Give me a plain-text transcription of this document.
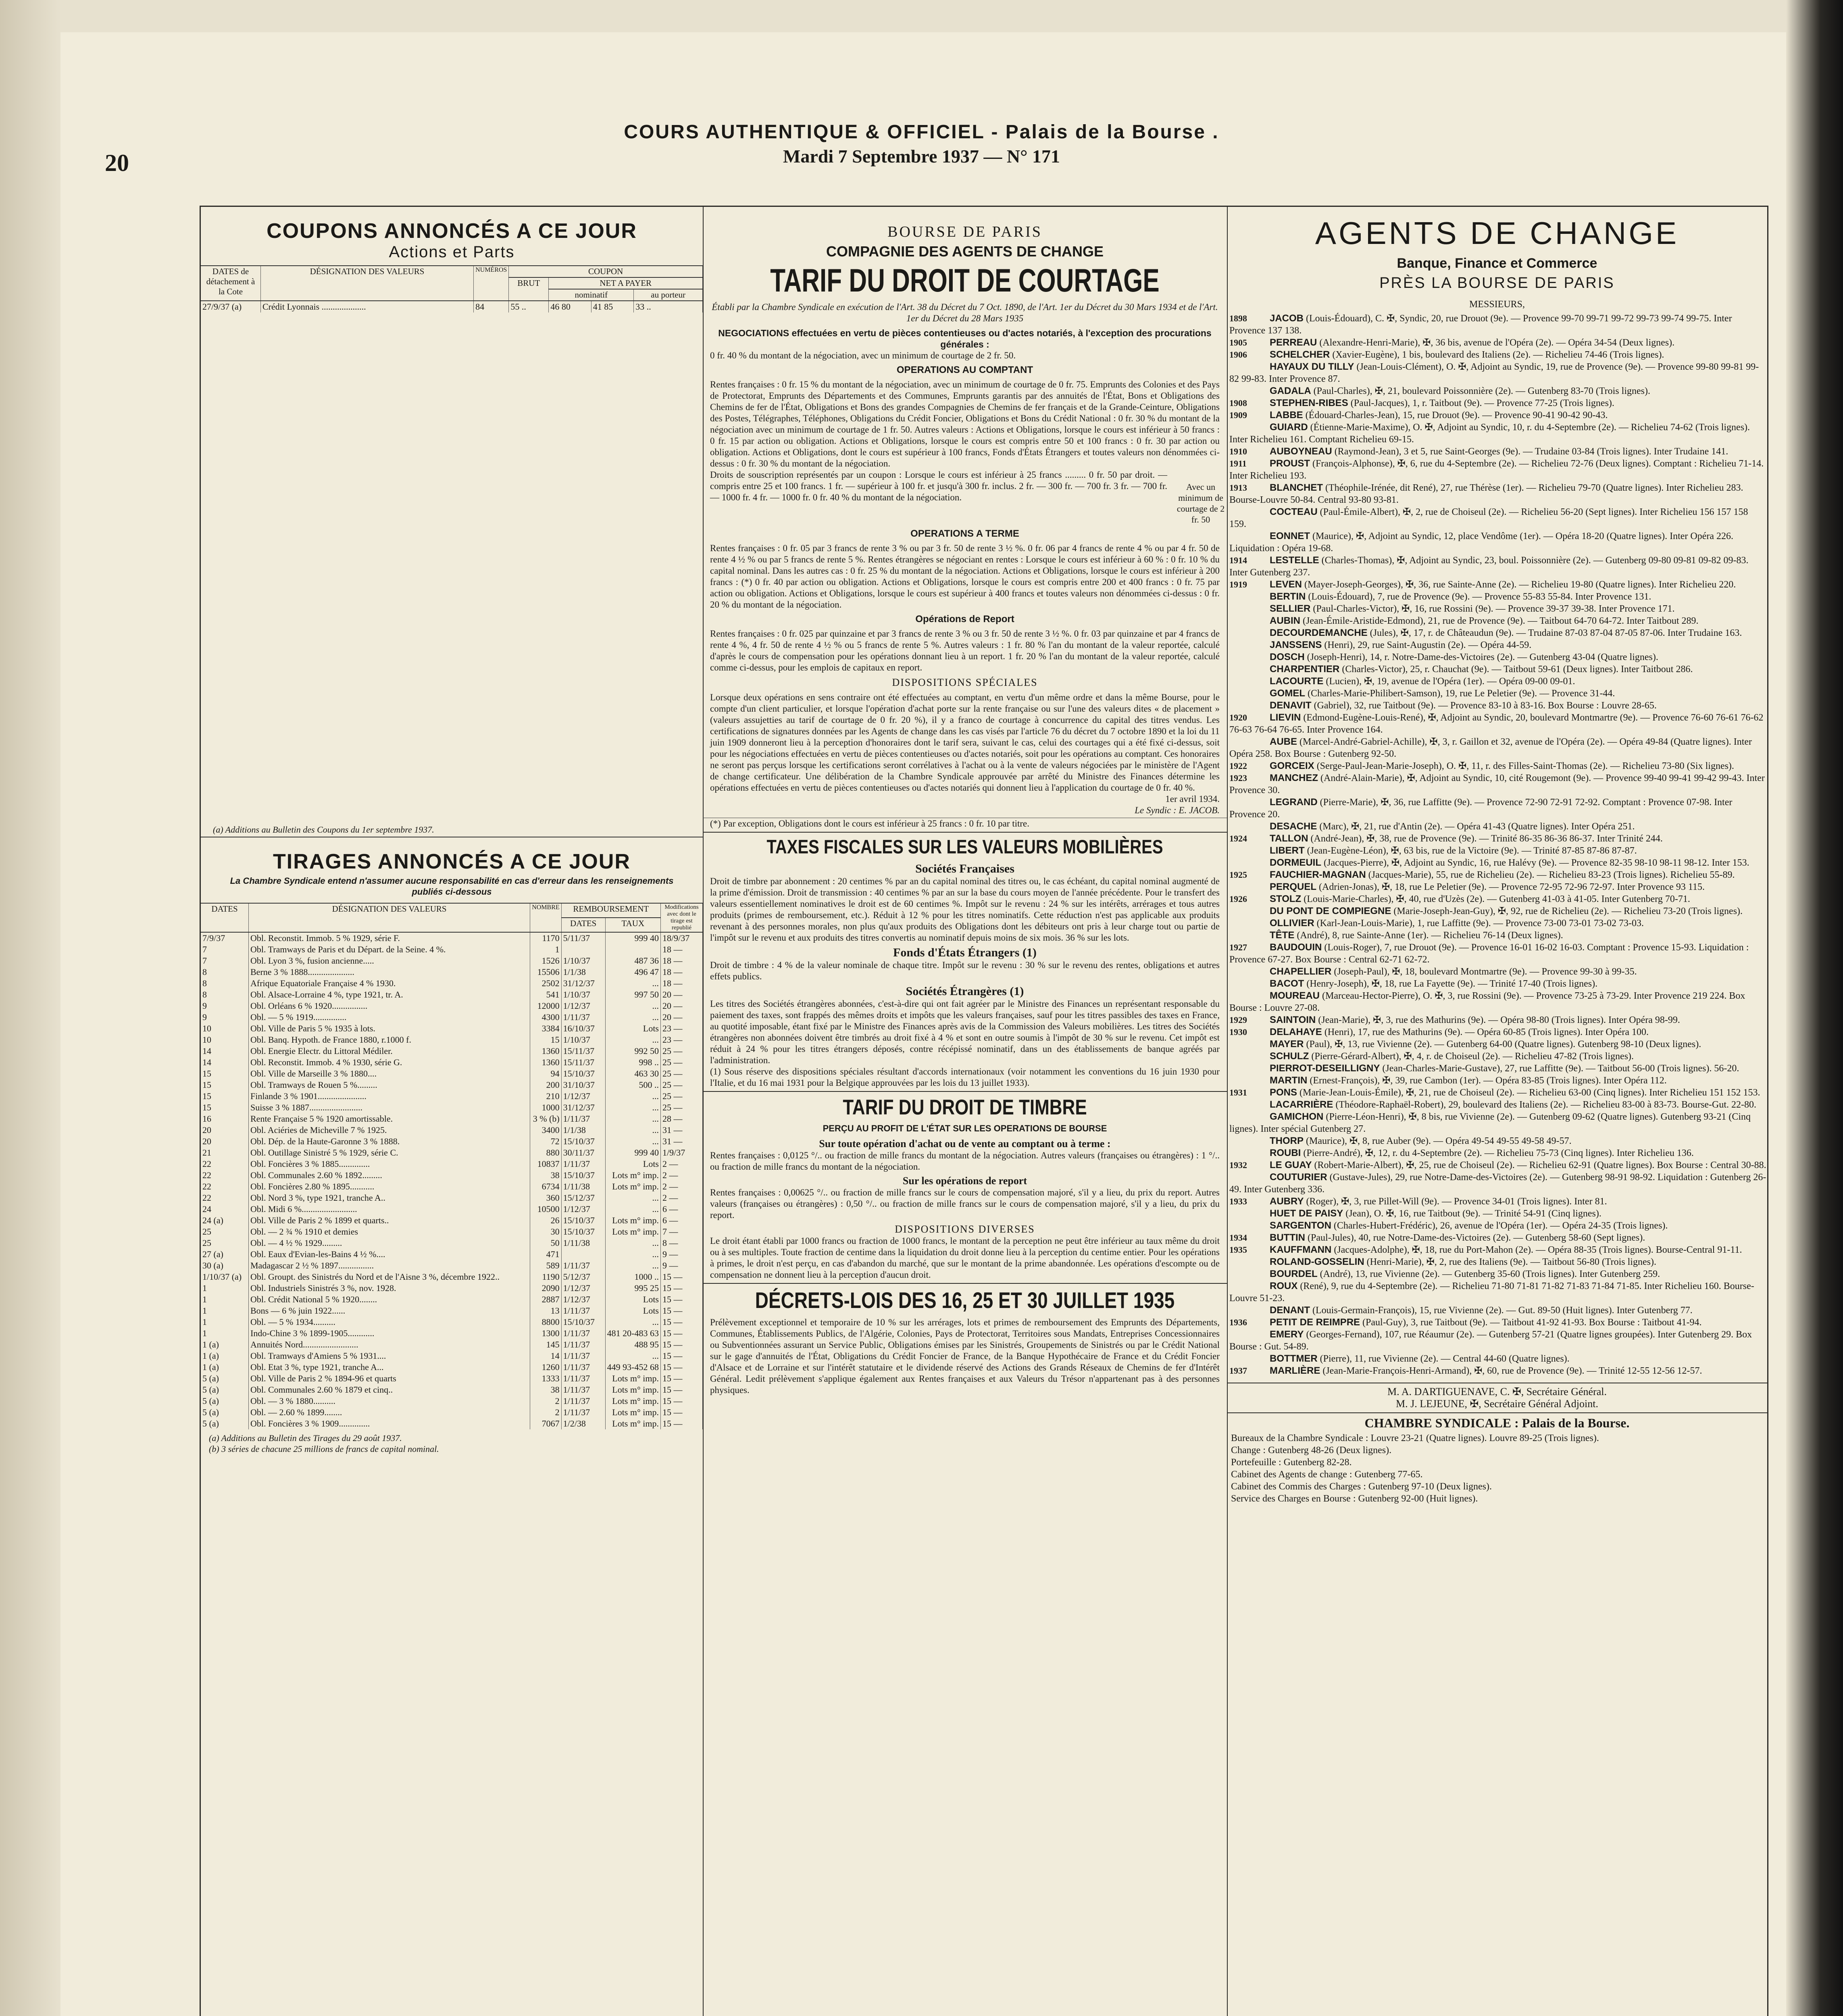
20
COURS AUTHENTIQUE & OFFICIEL - Palais de la Bourse .
Mardi 7 Septembre 1937 — N° 171
COUPONS ANNONCÉS A CE JOUR
Actions et Parts
DATES de détachement à la Cote	DÉSIGNATION DES VALEURS	NUMÉROS	COUPON			
			BRUT	NET A PAYER		
				nominatif		au porteur
27/9/37 (a)	Crédit Lyonnais ....................	84	55 ..	46 80	41 85	33 ..
(a) Additions au Bulletin des Coupons du 1er septembre 1937.
TIRAGES ANNONCÉS A CE JOUR
La Chambre Syndicale entend n'assumer aucune responsabilité en cas d'erreur dans les renseignements publiés ci-dessous
DATES	DÉSIGNATION DES VALEURS	NOMBRE	REMBOURSEMENT		Modifications avec dont le tirage est republié
			DATES	TAUX	
7/9/37	Obl. Reconstit. Immob. 5 % 1929, série F.	1170	5/11/37	999 40	18/9/37
7	Obl. Tramways de Paris et du Départ. de la Seine. 4 %.	1			18 —
7	Obl. Lyon 3 %, fusion ancienne.....	1526	1/10/37	487 36	18 —
8	Berne 3 % 1888.....................	15506	1/1/38	496 47	18 —
8	Afrique Equatoriale Française 4 % 1930.	2502	31/12/37	...	18 —
8	Obl. Alsace-Lorraine 4 %, type 1921, tr. A.	541	1/10/37	997 50	20 —
9	Obl. Orléans 6 % 1920................	12000	1/12/37	...	20 —
9	Obl. — 5 % 1919...............	4300	1/11/37	...	20 —
10	Obl. Ville de Paris 5 % 1935 à lots.	3384	16/10/37	Lots	23 —
10	Obl. Banq. Hypoth. de France 1880, r.1000 f.	15	1/10/37	...	23 —
14	Obl. Energie Electr. du Littoral Médiler.	1360	15/11/37	992 50	25 —
14	Obl. Reconstit. Immob. 4 % 1930, série G.	1360	15/11/37	998 ..	25 —
15	Obl. Ville de Marseille 3 % 1880....	94	15/10/37	463 30	25 —
15	Obl. Tramways de Rouen 5 %.........	200	31/10/37	500 ..	25 —
15	Finlande 3 % 1901......................	210	1/12/37	...	25 —
15	Suisse 3 % 1887........................	1000	31/12/37	...	25 —
16	Rente Française 5 % 1920 amortissable.	3 % (b)	1/11/37	...	28 —
20	Obl. Aciéries de Micheville 7 % 1925.	3400	1/1/38	...	31 —
20	Obl. Dép. de la Haute-Garonne 3 % 1888.	72	15/10/37	...	31 —
21	Obl. Outillage Sinistré 5 % 1929, série C.	880	30/11/37	999 40	1/9/37
22	Obl. Foncières 3 % 1885..............	10837	1/11/37	Lots	2 —
22	Obl. Communales 2.60 % 1892.........	38	15/10/37	Lots m° imp.	2 —
22	Obl. Foncières 2.80 % 1895...........	6734	1/11/38	Lots m° imp.	2 —
22	Obl. Nord 3 %, type 1921, tranche A..	360	15/12/37	...	2 —
24	Obl. Midi 6 %.........................	10500	1/12/37	...	6 —
24 (a)	Obl. Ville de Paris 2 % 1899 et quarts..	26	15/10/37	Lots m° imp.	6 —
25	Obl. — 2 ¾ % 1910 et demies	30	15/10/37	Lots m° imp.	7 —
25	Obl. — 4 ½ % 1929.........	50	1/11/38	...	8 —
27 (a)	Obl. Eaux d'Evian-les-Bains 4 ½ %....	471		...	9 —
30 (a)	Madagascar 2 ½ % 1897................	589	1/11/37	...	9 —
1/10/37 (a)	Obl. Groupt. des Sinistrés du Nord et de l'Aisne 3 %, décembre 1922..	1190	5/12/37	1000 ..	15 —
1	Obl. Industriels Sinistrés 3 %, nov. 1928.	2090	1/12/37	995 25	15 —
1	Obl. Crédit National 5 % 1920........	2887	1/12/37	Lots	15 —
1	Bons — 6 % juin 1922......	13	1/11/37	Lots	15 —
1	Obl. — 5 % 1934..........	8800	15/10/37	...	15 —
1	Indo-Chine 3 % 1899-1905............	1300	1/11/37	481 20-483 63	15 —
1 (a)	Annuités Nord.........................	145	1/11/37	488 95	15 —
1 (a)	Obl. Tramways d'Amiens 5 % 1931....	14	1/11/37	...	15 —
1 (a)	Obl. Etat 3 %, type 1921, tranche A...	1260	1/11/37	449 93-452 68	15 —
5 (a)	Obl. Ville de Paris 2 % 1894-96 et quarts	1333	1/11/37	Lots m° imp.	15 —
5 (a)	Obl. Communales 2.60 % 1879 et cinq..	38	1/11/37	Lots m° imp.	15 —
5 (a)	Obl. — 3 % 1880..........	2	1/11/37	Lots m° imp.	15 —
5 (a)	Obl. — 2.60 % 1899........	2	1/11/37	Lots m° imp.	15 —
5 (a)	Obl. Foncières 3 % 1909..............	7067	1/2/38	Lots m° imp.	15 —
(a) Additions au Bulletin des Tirages du 29 août 1937.
(b) 3 séries de chacune 25 millions de francs de capital nominal.
BOURSE DE PARIS
COMPAGNIE DES AGENTS DE CHANGE
TARIF DU DROIT DE COURTAGE
Établi par la Chambre Syndicale en exécution de l'Art. 38 du Décret du 7 Oct. 1890, de l'Art. 1er du Décret du 30 Mars 1934 et de l'Art. 1er du Décret du 28 Mars 1935
NEGOCIATIONS effectuées en vertu de pièces contentieuses ou d'actes notariés, à l'exception des procurations générales :
0 fr. 40 % du montant de la négociation, avec un minimum de courtage de 2 fr. 50.
OPERATIONS AU COMPTANT
Rentes françaises : 0 fr. 15 % du montant de la négociation, avec un minimum de courtage de 0 fr. 75. Emprunts des Colonies et des Pays de Protectorat, Emprunts des Départements et des Communes, Emprunts garantis par des annuités de l'État, Bons et Obligations des Chemins de fer de l'État, Obligations et Bons des grandes Compagnies de Chemins de fer français et de la Grande-Ceinture, Obligations des Postes, Télégraphes, Téléphones, Obligations du Crédit Foncier, Obligations et Bons du Crédit National : 0 fr. 30 % du montant de la négociation avec un minimum de courtage de 1 fr. 50. Autres valeurs : Actions et Obligations, lorsque le cours est inférieur à 50 francs : 0 fr. 15 par action ou obligation. Actions et Obligations, lorsque le cours est compris entre 50 et 100 francs : 0 fr. 30 par action ou obligation. Actions et Obligations, dont le cours est supérieur à 100 francs, Fonds d'États Étrangers et toutes valeurs non dénommées ci-dessus : 0 fr. 30 % du montant de la négociation.
Droits de souscription représentés par un coupon : Lorsque le cours est inférieur à 25 francs ......... 0 fr. 50 par droit. — compris entre 25 et 100 francs. 1 fr. — supérieur à 100 fr. et jusqu'à 300 fr. inclus. 2 fr. — 300 fr. — 700 fr. 3 fr. — 700 fr. — 1000 fr. 4 fr. — 1000 fr. 0 fr. 40 % du montant de la négociation.
Avec un minimum de courtage de 2 fr. 50
OPERATIONS A TERME
Rentes françaises : 0 fr. 05 par 3 francs de rente 3 % ou par 3 fr. 50 de rente 3 ½ %. 0 fr. 06 par 4 francs de rente 4 % ou par 4 fr. 50 de rente 4 ½ % ou par 5 francs de rente 5 %. Rentes étrangères se négociant en rentes : Lorsque le cours est inférieur à 60 % : 0 fr. 10 % du capital nominal. Dans les autres cas : 0 fr. 25 % du montant de la négociation. Actions et Obligations, lorsque le cours est inférieur à 200 francs : (*) 0 fr. 40 par action ou obligation. Actions et Obligations, lorsque le cours est compris entre 200 et 400 francs : 0 fr. 75 par action ou obligation. Actions et Obligations, lorsque le cours est supérieur à 400 francs et toutes valeurs non dénommées ci-dessus : 0 fr. 20 % du montant de la négociation.
Opérations de Report
Rentes françaises : 0 fr. 025 par quinzaine et par 3 francs de rente 3 % ou 3 fr. 50 de rente 3 ½ %. 0 fr. 03 par quinzaine et par 4 francs de rente 4 %, 4 fr. 50 de rente 4 ½ % ou 5 francs de rente 5 %. Autres valeurs : 1 fr. 80 % l'an du montant de la valeur reportée, calculé d'après le cours de compensation pour les opérations donnant lieu à un report. 1 fr. 20 % l'an du montant de la valeur reportée, calculé comme ci-dessus, pour les emplois de capitaux en report.
DISPOSITIONS SPÉCIALES
Lorsque deux opérations en sens contraire ont été effectuées au comptant, en vertu d'un même ordre et dans la même Bourse, pour le compte d'un client particulier, et lorsque l'opération d'achat porte sur la rente française ou sur l'une des valeurs dites « de placement » (valeurs assujetties au tarif de courtage de 0 fr. 20 %), il y a franco de courtage à concurrence du capital des titres vendus. Les certifications de signatures données par les Agents de change dans les cas visés par l'article 76 du décret du 7 octobre 1890 et la loi du 11 juin 1909 donneront lieu à la perception d'honoraires dont le tarif sera, suivant le cas, celui des courtages qui a été fixé ci-dessus, soit pour les négociations effectuées en vertu de pièces contentieuses ou d'actes notariés, soit pour les opérations au comptant. Ces honoraires ne seront pas perçus lorsque les certifications seront corrélatives à l'achat ou à la vente de valeurs négociées par le ministère de l'Agent de change certificateur. Une délibération de la Chambre Syndicale approuvée par arrêté du Ministre des Finances détermine les opérations effectuées en vertu de pièces contentieuses ou d'actes notariés qui donnent lieu à l'application du courtage de 0 fr. 40 %.
1er avril 1934.
Le Syndic : E. JACOB.
(*) Par exception, Obligations dont le cours est inférieur à 25 francs : 0 fr. 10 par titre.
TAXES FISCALES SUR LES VALEURS MOBILIÈRES
Sociétés Françaises
Droit de timbre par abonnement : 20 centimes % par an du capital nominal des titres ou, le cas échéant, du capital nominal augmenté de la prime d'émission. Droit de transmission : 40 centimes % par an sur la base du cours moyen de l'année précédente. Pour le transfert des valeurs essentiellement nominatives le droit est de 60 centimes %. Impôt sur le revenu : 24 % sur les intérêts, arrérages et tous autres produits (primes de remboursement, etc.). Réduit à 12 % pour les titres nominatifs. Cette réduction n'est pas applicable aux produits revenant à des personnes morales, non plus qu'aux produits des Obligations dont les débiteurs ont pris à leur charge tout ou partie de l'impôt sur le revenu et aux produits des titres convertis au nominatif depuis moins de six mois. 36 % sur les lots.
Fonds d'États Étrangers (1)
Droit de timbre : 4 % de la valeur nominale de chaque titre. Impôt sur le revenu : 30 % sur le revenu des rentes, obligations et autres effets publics.
Sociétés Étrangères (1)
Les titres des Sociétés étrangères abonnées, c'est-à-dire qui ont fait agréer par le Ministre des Finances un représentant responsable du paiement des taxes, sont frappés des mêmes droits et impôts que les valeurs françaises, sauf pour les titres passibles des taxes en France, au quotité imposable, étant fixé par le Ministre des Finances après avis de la Commission des Valeurs mobilières. Les titres des Sociétés étrangères non abonnées doivent être timbrés au droit fixé à 4 % et sont en outre soumis à l'impôt de 30 % sur le revenu. Cet impôt est réduit à 24 % pour les titres étrangers déposés, contre récépissé nominatif, dans un des établissements de banque agréés par l'administration.
(1) Sous réserve des dispositions spéciales résultant d'accords internationaux (voir notamment les conventions du 16 juin 1930 pour l'Italie, et du 16 mai 1931 pour la Belgique approuvées par les lois du 13 juillet 1933).
TARIF DU DROIT DE TIMBRE
PERÇU AU PROFIT DE L'ÉTAT SUR LES OPERATIONS DE BOURSE
Sur toute opération d'achat ou de vente au comptant ou à terme :
Rentes françaises : 0,0125 °/.. ou fraction de mille francs du montant de la négociation. Autres valeurs (françaises ou étrangères) : 1 °/.. ou fraction de mille francs du montant de la négociation.
Sur les opérations de report
Rentes françaises : 0,00625 °/.. ou fraction de mille francs sur le cours de compensation majoré, s'il y a lieu, du prix du report. Autres valeurs (françaises ou étrangères) : 0,50 °/.. ou fraction de mille francs sur le cours de compensation majoré, s'il y a lieu, du prix du report.
DISPOSITIONS DIVERSES
Le droit étant établi par 1000 francs ou fraction de 1000 francs, le montant de la perception ne peut être inférieur au taux même du droit ou à ses multiples. Toute fraction de centime dans la liquidation du droit donne lieu à la perception du centime entier. Pour les opérations à primes, le droit n'est perçu, en cas d'abandon du marché, que sur le montant de la prime abandonnée. Les opérations d'escompte ou de compensation ne donnent lieu à la perception d'aucun droit.
DÉCRETS-LOIS DES 16, 25 ET 30 JUILLET 1935
Prélèvement exceptionnel et temporaire de 10 % sur les arrérages, lots et primes de remboursement des Emprunts des Départements, Communes, Établissements Publics, de l'Algérie, Colonies, Pays de Protectorat, Territoires sous Mandats, Entreprises Concessionnaires ou Subventionnées assurant un Service Public, Obligations émises par les Sinistrés, Groupements de Sinistrés ou par le Crédit National sur le gage d'annuités de l'État, Obligations du Crédit Foncier de France, de la Banque Hypothécaire de France et du Crédit Foncier d'Alsace et de Lorraine et sur l'intérêt statutaire et le dividende réservé des Actions des Grands Réseaux de Chemins de fer d'Intérêt Général. Ledit prélèvement s'applique également aux Rentes françaises et aux Valeurs du Trésor n'appartenant pas à des personnes physiques.
AGENTS DE CHANGE
Banque, Finance et Commerce
PRÈS LA BOURSE DE PARIS
MESSIEURS,
1898 JACOB (Louis-Édouard), C. ✠, Syndic, 20, rue Drouot (9e). — Provence 99-70 99-71 99-72 99-73 99-74 99-75. Inter Provence 137 138.
1905 PERREAU (Alexandre-Henri-Marie), ✠, 36 bis, avenue de l'Opéra (2e). — Opéra 34-54 (Deux lignes).
1906 SCHELCHER (Xavier-Eugène), 1 bis, boulevard des Italiens (2e). — Richelieu 74-46 (Trois lignes).
HAYAUX DU TILLY (Jean-Louis-Clément), O. ✠, Adjoint au Syndic, 19, rue de Provence (9e). — Provence 99-80 99-81 99-82 99-83. Inter Provence 87.
GADALA (Paul-Charles), ✠, 21, boulevard Poissonnière (2e). — Gutenberg 83-70 (Trois lignes).
1908 STEPHEN-RIBES (Paul-Jacques), 1, r. Taitbout (9e). — Provence 77-25 (Trois lignes).
1909 LABBE (Édouard-Charles-Jean), 15, rue Drouot (9e). — Provence 90-41 90-42 90-43.
GUIARD (Étienne-Marie-Maxime), O. ✠, Adjoint au Syndic, 10, r. du 4-Septembre (2e). — Richelieu 74-62 (Trois lignes). Inter Richelieu 161. Comptant Richelieu 69-15.
1910 AUBOYNEAU (Raymond-Jean), 3 et 5, rue Saint-Georges (9e). — Trudaine 03-84 (Trois lignes). Inter Trudaine 141.
1911 PROUST (François-Alphonse), ✠, 6, rue du 4-Septembre (2e). — Richelieu 72-76 (Deux lignes). Comptant : Richelieu 71-14. Inter Richelieu 193.
1913 BLANCHET (Théophile-Irénée, dit René), 27, rue Thérèse (1er). — Richelieu 79-70 (Quatre lignes). Inter Richelieu 283. Bourse-Louvre 50-84. Central 93-80 93-81.
COCTEAU (Paul-Émile-Albert), ✠, 2, rue de Choiseul (2e). — Richelieu 56-20 (Sept lignes). Inter Richelieu 156 157 158 159.
EONNET (Maurice), ✠, Adjoint au Syndic, 12, place Vendôme (1er). — Opéra 18-20 (Quatre lignes). Inter Opéra 226. Liquidation : Opéra 19-68.
1914 LESTELLE (Charles-Thomas), ✠, Adjoint au Syndic, 23, boul. Poissonnière (2e). — Gutenberg 09-80 09-81 09-82 09-83. Inter Gutenberg 237.
1919 LEVEN (Mayer-Joseph-Georges), ✠, 36, rue Sainte-Anne (2e). — Richelieu 19-80 (Quatre lignes). Inter Richelieu 220.
BERTIN (Louis-Édouard), 7, rue de Provence (9e). — Provence 55-83 55-84. Inter Provence 131.
SELLIER (Paul-Charles-Victor), ✠, 16, rue Rossini (9e). — Provence 39-37 39-38. Inter Provence 171.
AUBIN (Jean-Émile-Aristide-Edmond), 21, rue de Provence (9e). — Taitbout 64-70 64-72. Inter Taitbout 289.
DECOURDEMANCHE (Jules), ✠, 17, r. de Châteaudun (9e). — Trudaine 87-03 87-04 87-05 87-06. Inter Trudaine 163.
JANSSENS (Henri), 29, rue Saint-Augustin (2e). — Opéra 44-59.
DOSCH (Joseph-Henri), 14, r. Notre-Dame-des-Victoires (2e). — Gutenberg 43-04 (Quatre lignes).
CHARPENTIER (Charles-Victor), 25, r. Chauchat (9e). — Taitbout 59-61 (Deux lignes). Inter Taitbout 286.
LACOURTE (Lucien), ✠, 19, avenue de l'Opéra (1er). — Opéra 09-00 09-01.
GOMEL (Charles-Marie-Philibert-Samson), 19, rue Le Peletier (9e). — Provence 31-44.
DENAVIT (Gabriel), 32, rue Taitbout (9e). — Provence 83-10 à 83-16. Box Bourse : Louvre 28-65.
1920 LIEVIN (Edmond-Eugène-Louis-René), ✠, Adjoint au Syndic, 20, boulevard Montmartre (9e). — Provence 76-60 76-61 76-62 76-63 76-64 76-65. Inter Provence 164.
AUBE (Marcel-André-Gabriel-Achille), ✠, 3, r. Gaillon et 32, avenue de l'Opéra (2e). — Opéra 49-84 (Quatre lignes). Inter Opéra 258. Box Bourse : Gutenberg 92-50.
1922 GORCEIX (Serge-Paul-Jean-Marie-Joseph), O. ✠, 11, r. des Filles-Saint-Thomas (2e). — Richelieu 73-80 (Six lignes).
1923 MANCHEZ (André-Alain-Marie), ✠, Adjoint au Syndic, 10, cité Rougemont (9e). — Provence 99-40 99-41 99-42 99-43. Inter Provence 30.
LEGRAND (Pierre-Marie), ✠, 36, rue Laffitte (9e). — Provence 72-90 72-91 72-92. Comptant : Provence 07-98. Inter Provence 20.
DESACHE (Marc), ✠, 21, rue d'Antin (2e). — Opéra 41-43 (Quatre lignes). Inter Opéra 251.
1924 TALLON (André-Jean), ✠, 38, rue de Provence (9e). — Trinité 86-35 86-36 86-37. Inter Trinité 244.
LIBERT (Jean-Eugène-Léon), ✠, 63 bis, rue de la Victoire (9e). — Trinité 87-85 87-86 87-87.
DORMEUIL (Jacques-Pierre), ✠, Adjoint au Syndic, 16, rue Halévy (9e). — Provence 82-35 98-10 98-11 98-12. Inter 153.
1925 FAUCHIER-MAGNAN (Jacques-Marie), 55, rue de Richelieu (2e). — Richelieu 83-23 (Trois lignes). Richelieu 55-89.
PERQUEL (Adrien-Jonas), ✠, 18, rue Le Peletier (9e). — Provence 72-95 72-96 72-97. Inter Provence 93 115.
1926 STOLZ (Louis-Marie-Charles), ✠, 40, rue d'Uzès (2e). — Gutenberg 41-03 à 41-05. Inter Gutenberg 70-71.
DU PONT DE COMPIEGNE (Marie-Joseph-Jean-Guy), ✠, 92, rue de Richelieu (2e). — Richelieu 73-20 (Trois lignes).
OLLIVIER (Karl-Jean-Louis-Marie), 1, rue Laffitte (9e). — Provence 73-00 73-01 73-02 73-03.
TÊTE (André), 8, rue Sainte-Anne (1er). — Richelieu 76-14 (Deux lignes).
1927 BAUDOUIN (Louis-Roger), 7, rue Drouot (9e). — Provence 16-01 16-02 16-03. Comptant : Provence 15-93. Liquidation : Provence 67-27. Box Bourse : Central 62-71 62-72.
CHAPELLIER (Joseph-Paul), ✠, 18, boulevard Montmartre (9e). — Provence 99-30 à 99-35.
BACOT (Henry-Joseph), ✠, 18, rue La Fayette (9e). — Trinité 17-40 (Trois lignes).
MOUREAU (Marceau-Hector-Pierre), O. ✠, 3, rue Rossini (9e). — Provence 73-25 à 73-29. Inter Provence 219 224. Box Bourse : Louvre 27-08.
1929 SAINTOIN (Jean-Marie), ✠, 3, rue des Mathurins (9e). — Opéra 98-80 (Trois lignes). Inter Opéra 98-99.
1930 DELAHAYE (Henri), 17, rue des Mathurins (9e). — Opéra 60-85 (Trois lignes). Inter Opéra 100.
MAYER (Paul), ✠, 13, rue Vivienne (2e). — Gutenberg 64-00 (Quatre lignes). Gutenberg 98-10 (Deux lignes).
SCHULZ (Pierre-Gérard-Albert), ✠, 4, r. de Choiseul (2e). — Richelieu 47-82 (Trois lignes).
PIERROT-DESEILLIGNY (Jean-Charles-Marie-Gustave), 27, rue Laffitte (9e). — Taitbout 56-00 (Trois lignes). 56-20.
MARTIN (Ernest-François), ✠, 39, rue Cambon (1er). — Opéra 83-85 (Trois lignes). Inter Opéra 112.
1931 PONS (Marie-Jean-Louis-Émile), ✠, 21, rue de Choiseul (2e). — Richelieu 63-00 (Cinq lignes). Inter Richelieu 151 152 153.
LACARRIÈRE (Théodore-Raphaël-Robert), 29, boulevard des Italiens (2e). — Richelieu 83-00 à 83-73. Bourse-Gut. 22-80.
GAMICHON (Pierre-Léon-Henri), ✠, 8 bis, rue Vivienne (2e). — Gutenberg 09-62 (Quatre lignes). Gutenberg 93-21 (Cinq lignes). Inter spécial Gutenberg 27.
THORP (Maurice), ✠, 8, rue Auber (9e). — Opéra 49-54 49-55 49-58 49-57.
ROUBI (Pierre-André), ✠, 12, r. du 4-Septembre (2e). — Richelieu 75-73 (Cinq lignes). Inter Richelieu 136.
1932 LE GUAY (Robert-Marie-Albert), ✠, 25, rue de Choiseul (2e). — Richelieu 62-91 (Quatre lignes). Box Bourse : Central 30-88.
COUTURIER (Gustave-Jules), 29, rue Notre-Dame-des-Victoires (2e). — Gutenberg 98-91 98-92. Liquidation : Gutenberg 26-49. Inter Gutenberg 336.
1933 AUBRY (Roger), ✠, 3, rue Pillet-Will (9e). — Provence 34-01 (Trois lignes). Inter 81.
HUET DE PAISY (Jean), O. ✠, 16, rue Taitbout (9e). — Trinité 54-91 (Cinq lignes).
SARGENTON (Charles-Hubert-Frédéric), 26, avenue de l'Opéra (1er). — Opéra 24-35 (Trois lignes).
1934 BUTTIN (Paul-Jules), 40, rue Notre-Dame-des-Victoires (2e). — Gutenberg 58-60 (Sept lignes).
1935 KAUFFMANN (Jacques-Adolphe), ✠, 18, rue du Port-Mahon (2e). — Opéra 88-35 (Trois lignes). Bourse-Central 91-11.
ROLAND-GOSSELIN (Henri-Marie), ✠, 2, rue des Italiens (9e). — Taitbout 56-80 (Trois lignes).
BOURDEL (André), 13, rue Vivienne (2e). — Gutenberg 35-60 (Trois lignes). Inter Gutenberg 259.
ROUX (René), 9, rue du 4-Septembre (2e). — Richelieu 71-80 71-81 71-82 71-83 71-84 71-85. Inter Richelieu 160. Bourse-Louvre 51-23.
DENANT (Louis-Germain-François), 15, rue Vivienne (2e). — Gut. 89-50 (Huit lignes). Inter Gutenberg 77.
1936 PETIT DE REIMPRE (Paul-Guy), 3, rue Taitbout (9e). — Taitbout 41-92 41-93. Box Bourse : Taitbout 41-94.
EMERY (Georges-Fernand), 107, rue Réaumur (2e). — Gutenberg 57-21 (Quatre lignes groupées). Inter Gutenberg 29. Box Bourse : Gut. 54-89.
BOTTMER (Pierre), 11, rue Vivienne (2e). — Central 44-60 (Quatre lignes).
1937 MARLIÈRE (Jean-Marie-François-Henri-Armand), ✠, 60, rue de Provence (9e). — Trinité 12-55 12-56 12-57.
M. A. DARTIGUENAVE, C. ✠, Secrétaire Général.
M. J. LEJEUNE, ✠, Secrétaire Général Adjoint.
CHAMBRE SYNDICALE : Palais de la Bourse.
Bureaux de la Chambre Syndicale : Louvre 23-21 (Quatre lignes). Louvre 89-25 (Trois lignes).
Change : Gutenberg 48-26 (Deux lignes).
Portefeuille : Gutenberg 82-28.
Cabinet des Agents de change : Gutenberg 77-65.
Cabinet des Commis des Charges : Gutenberg 97-10 (Deux lignes).
Service des Charges en Bourse : Gutenberg 92-00 (Huit lignes).
